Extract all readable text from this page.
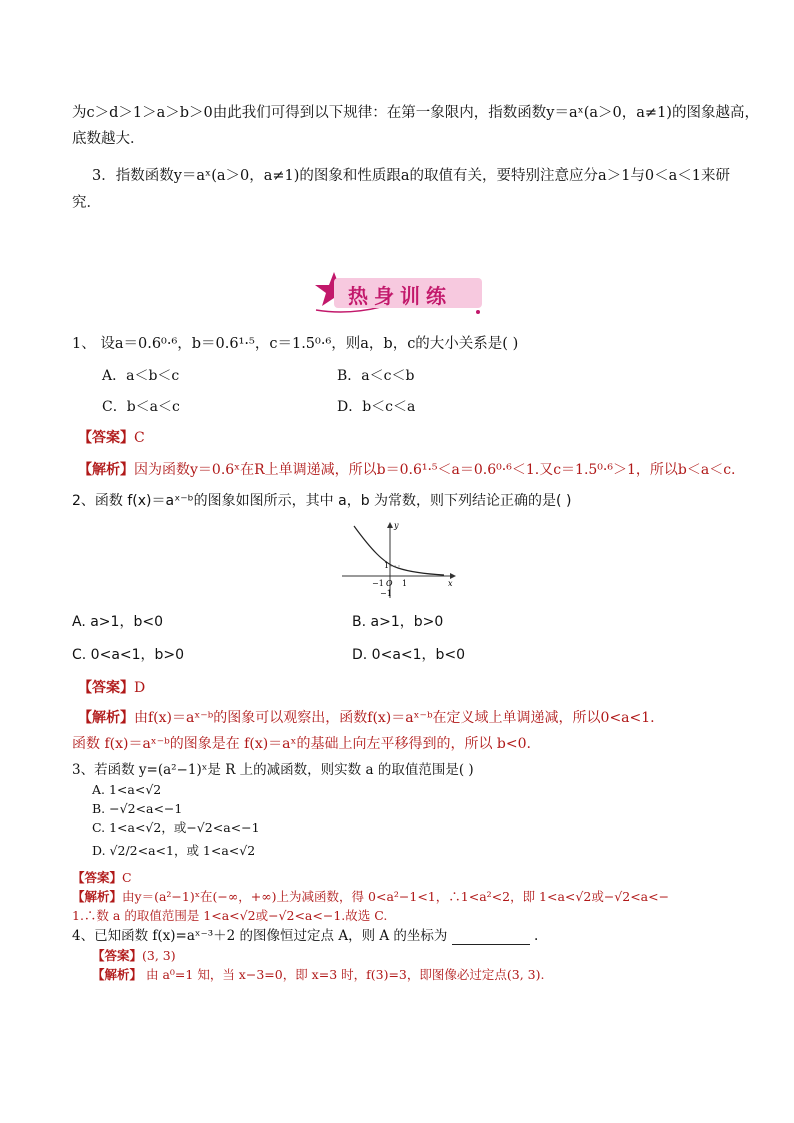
为c＞d＞1＞a＞b＞0由此我们可得到以下规律：在第一象限内，指数函数y＝aˣ(a＞0，a≠1)的图象越高，
底数越大．
3．指数函数y＝aˣ(a＞0，a≠1)的图象和性质跟a的取值有关，要特别注意应分a＞1与0＜a＜1来研
究．
热身训练
1、 设a＝0.6⁰·⁶，b＝0.6¹·⁵，c＝1.5⁰·⁶，则a，b，c的大小关系是( )
A．a＜b＜c	B．a＜c＜b
C．b＜a＜c	D．b＜c＜a
【答案】C
【解析】因为函数y＝0.6ˣ在R上单调递减，所以b＝0.6¹·⁵＜a＝0.6⁰·⁶＜1.又c＝1.5⁰·⁶＞1，所以b＜a＜c.
2、函数 f(x)＝aˣ⁻ᵇ的图象如图所示，其中 a，b 为常数，则下列结论正确的是( )
y
x
1
−1 O 1
−1
A. a>1，b<0	B. a>1，b>0
C. 0<a<1，b>0	D. 0<a<1，b<0
【答案】D
【解析】由f(x)＝aˣ⁻ᵇ的图象可以观察出，函数f(x)＝aˣ⁻ᵇ在定义域上单调递减，所以0<a<1.
函数 f(x)＝aˣ⁻ᵇ的图象是在 f(x)＝aˣ的基础上向左平移得到的，所以 b<0.
3、若函数 y=(a²−1)ˣ是 R 上的减函数，则实数 a 的取值范围是( )
A. 1<a<√2
B. −√2<a<−1
C. 1<a<√2，或−√2<a<−1
D. √2/2<a<1，或 1<a<√2
【答案】C
【解析】由y＝(a²−1)ˣ在(−∞，+∞)上为减函数，得 0<a²−1<1，∴1<a²<2，即 1<a<√2或−√2<a<−
1.∴数 a 的取值范围是 1<a<√2或−√2<a<−1.故选 C.
4、已知函数 f(x)=aˣ⁻³＋2 的图像恒过定点 A，则 A 的坐标为	.
【答案】(3, 3)
【解析】 由 a⁰=1 知，当 x−3=0，即 x=3 时，f(3)=3，即图像必过定点(3, 3).
